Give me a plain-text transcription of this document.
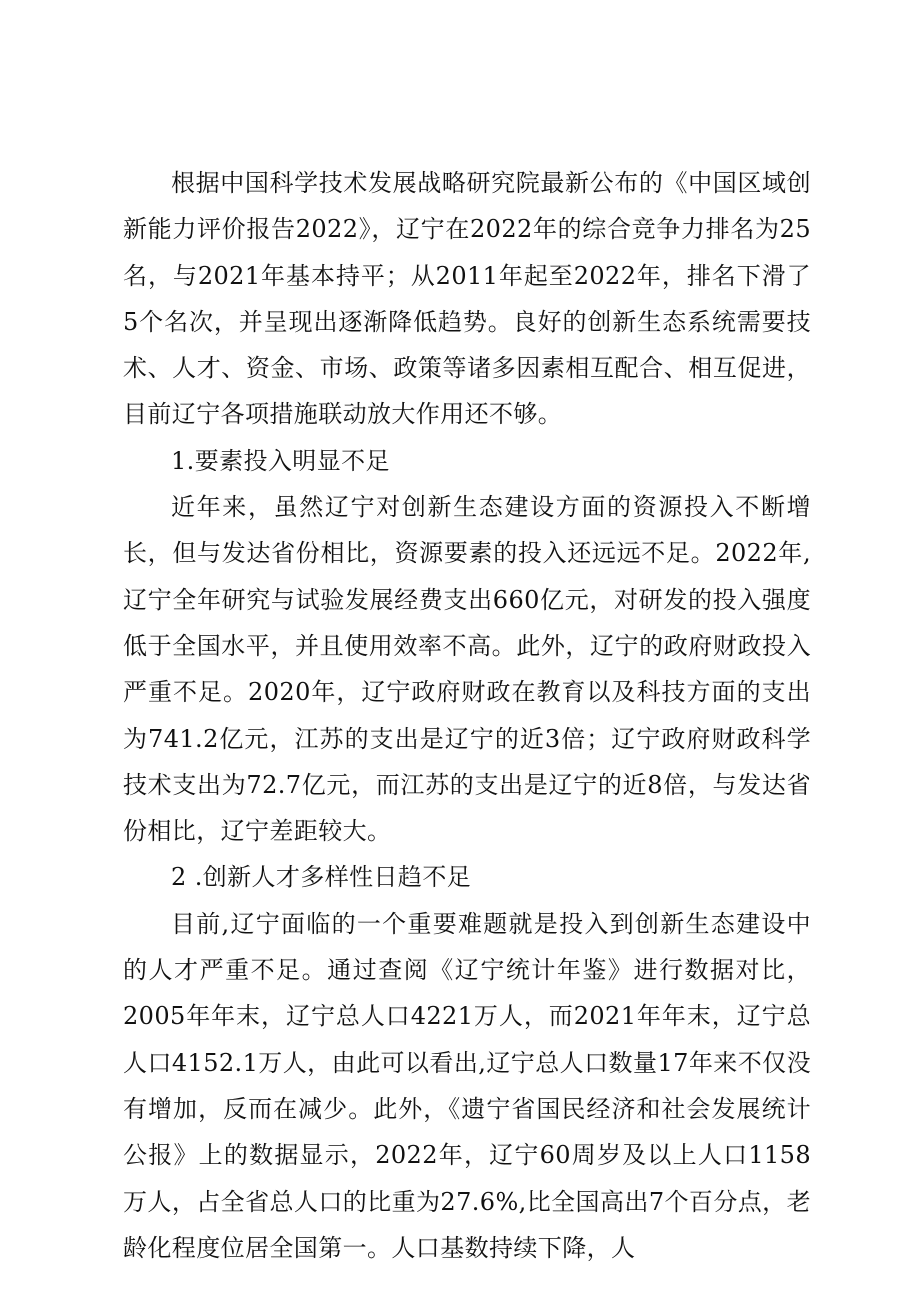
根据中国科学技术发展战略研究院最新公布的《中国区域创新能力评价报告2022》，辽宁在2022年的综合竞争力排名为25名，与2021年基本持平；从2011年起至2022年，排名下滑了5个名次，并呈现出逐渐降低趋势。良好的创新生态系统需要技术、人才、资金、市场、政策等诸多因素相互配合、相互促进，目前辽宁各项措施联动放大作用还不够。

1.要素投入明显不足

近年来，虽然辽宁对创新生态建设方面的资源投入不断增长，但与发达省份相比，资源要素的投入还远远不足。2022年,辽宁全年研究与试验发展经费支出660亿元，对研发的投入强度低于全国水平，并且使用效率不高。此外，辽宁的政府财政投入严重不足。2020年，辽宁政府财政在教育以及科技方面的支出为741.2亿元，江苏的支出是辽宁的近3倍；辽宁政府财政科学技术支出为72.7亿元，而江苏的支出是辽宁的近8倍，与发达省份相比，辽宁差距较大。

2 .创新人才多样性日趋不足

目前,辽宁面临的一个重要难题就是投入到创新生态建设中的人才严重不足。通过查阅《辽宁统计年鉴》进行数据对比，2005年年末，辽宁总人口4221万人，而2021年年末，辽宁总人口4152.1万人，由此可以看出,辽宁总人口数量17年来不仅没有增加，反而在减少。此外，《遗宁省国民经济和社会发展统计公报》上的数据显示，2022年，辽宁60周岁及以上人口1158万人，占全省总人口的比重为27.6%,比全国高出7个百分点，老龄化程度位居全国第一。人口基数持续下降，人
